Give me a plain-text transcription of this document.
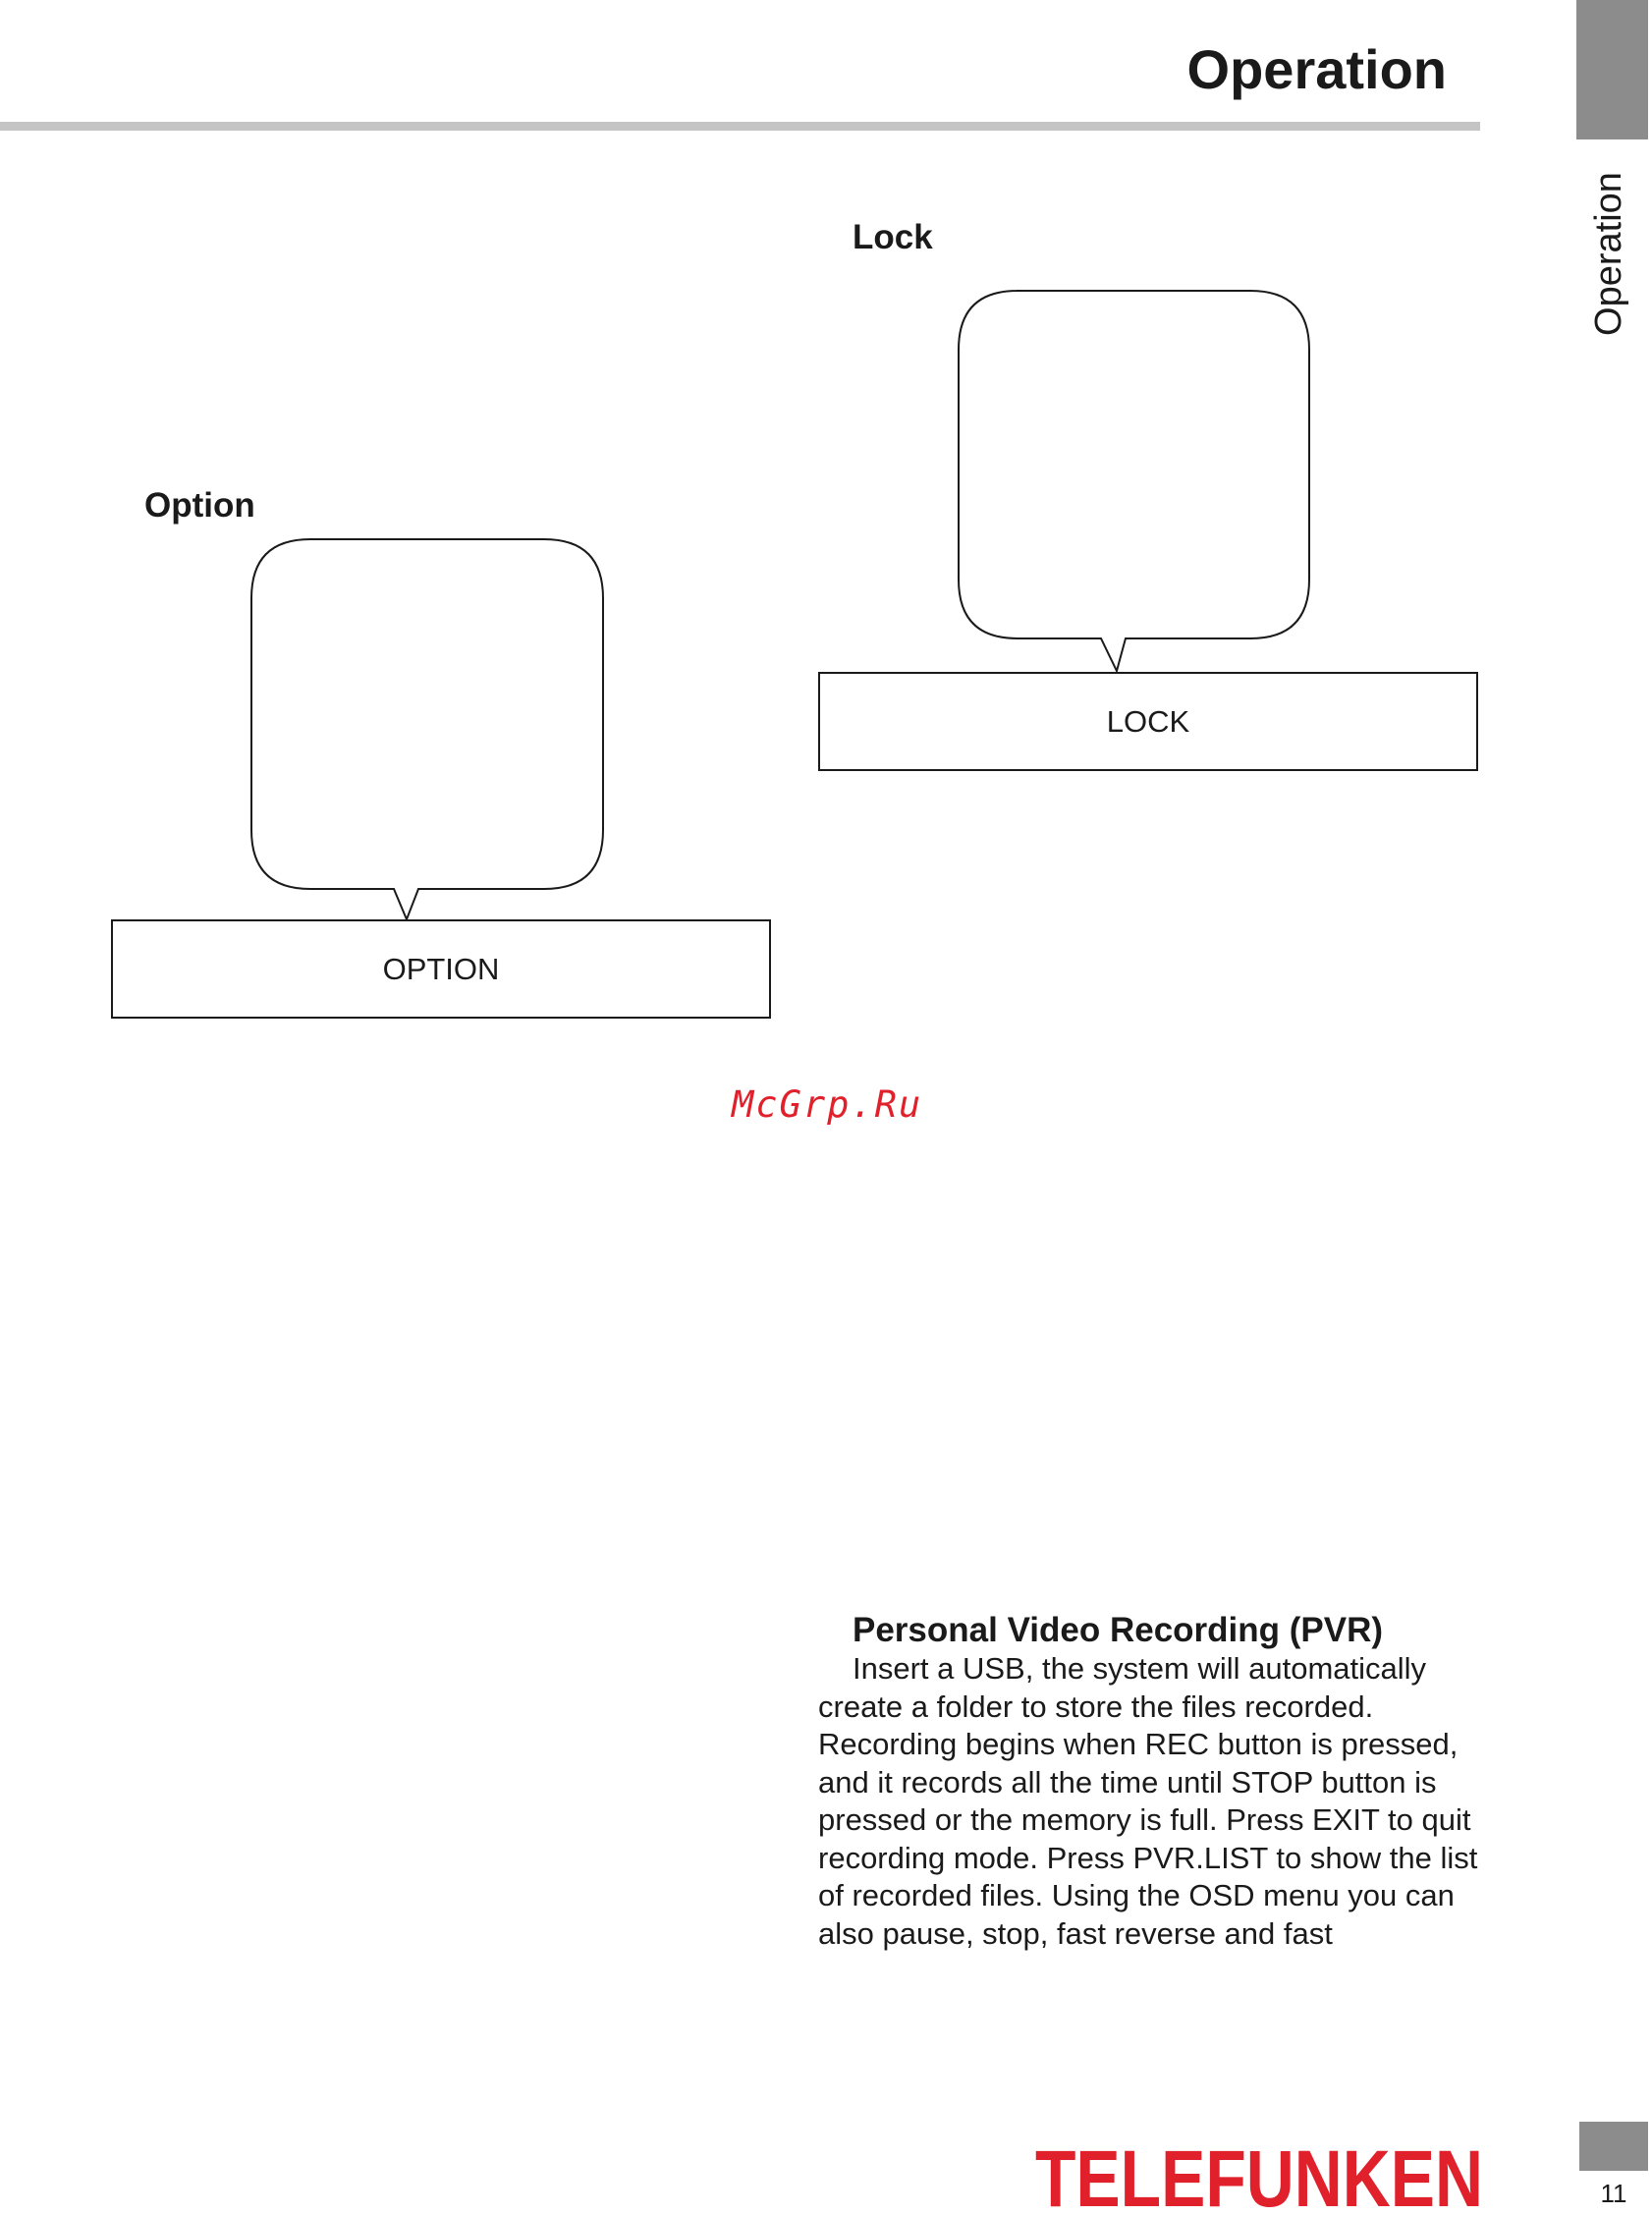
Operation
Operation
Lock
LOCK
Option
OPTION

McGrp.Ru

Personal Video Recording (PVR)

Insert a USB, the system will automatically create a folder to store the files recorded. Recording begins when REC button is pressed, and it records all the time until STOP button is pressed or the memory is full. Press EXIT to quit recording mode. Press PVR.LIST to show the list of recorded files. Using the OSD menu you can also pause, stop, fast reverse and fast

TELEFUNKEN	11
